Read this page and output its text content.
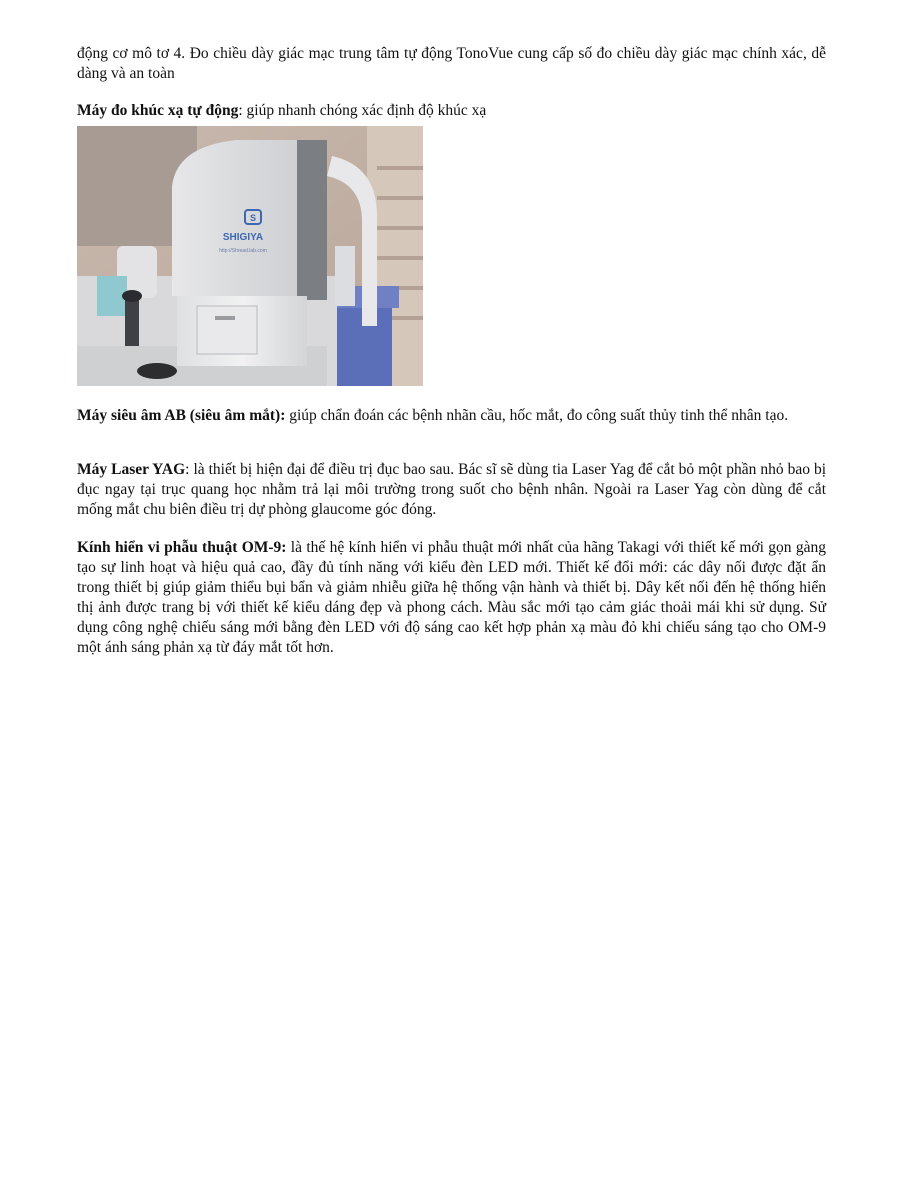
động cơ mô tơ 4. Đo chiều dày giác mạc trung tâm tự động TonoVue cung cấp số đo chiều dày giác mạc chính xác, dễ dàng và an toàn

Máy đo khúc xạ tự động: giúp nhanh chóng xác định độ khúc xạ

S
SHIGIYA
http://Shread.lab.com

Máy siêu âm AB (siêu âm mắt): giúp chẩn đoán các bệnh nhãn cầu, hốc mắt, đo công suất thủy tinh thể nhân tạo.

Máy Laser YAG: là thiết bị hiện đại để điều trị đục bao sau. Bác sĩ sẽ dùng tia Laser Yag để cắt bỏ một phần nhỏ bao bị đục ngay tại trục quang học nhằm trả lại môi trường trong suốt cho bệnh nhân. Ngoài ra Laser Yag còn dùng để cắt mống mắt chu biên điều trị dự phòng glaucome góc đóng.

Kính hiển vi phẫu thuật OM-9: là thế hệ kính hiển vi phẫu thuật mới nhất của hãng Takagi với thiết kế mới gọn gàng tạo sự linh hoạt và hiệu quả cao, đầy đủ tính năng với kiểu đèn LED mới. Thiết kế đổi mới: các dây nối được đặt ẩn trong thiết bị giúp giảm thiểu bụi bẩn và giảm nhiễu giữa hệ thống vận hành và thiết bị. Dây kết nối đến hệ thống hiển thị ảnh được trang bị với thiết kế kiểu dáng đẹp và phong cách. Màu sắc mới tạo cảm giác thoải mái khi sử dụng. Sử dụng công nghệ chiếu sáng mới bằng đèn LED với độ sáng cao kết hợp phản xạ màu đỏ khi chiếu sáng tạo cho OM-9 một ánh sáng phản xạ từ đáy mắt tốt hơn.
